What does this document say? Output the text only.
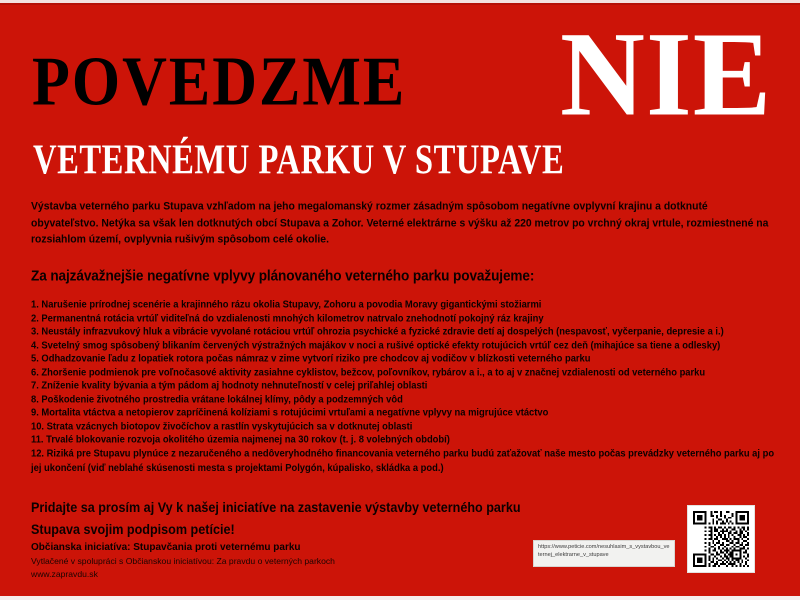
POVEDZME NIE
VETERNÉMU PARKU V STUPAVE
Výstavba veterného parku Stupava vzhľadom na jeho megalomanský rozmer zásadným spôsobom negatívne ovplyvní krajinu a dotknuté obyvateľstvo. Netýka sa však len dotknutých obcí Stupava a Zohor. Veterné elektrárne s výšku až 220 metrov po vrchný okraj vrtule, rozmiestnené na rozsiahlom území, ovplyvnia rušivým spôsobom celé okolie.
Za najzávažnejšie negatívne vplyvy plánovaného veterného parku považujeme:
1. Narušenie prírodnej scenérie a krajinného rázu okolia Stupavy, Zohoru a povodia Moravy gigantickými stožiarmi
2. Permanentná rotácia vrtúľ viditeľná do vzdialenosti mnohých kilometrov natrvalo znehodnotí pokojný ráz krajiny
3. Neustály infrazvukový hluk a vibrácie vyvolané rotáciou vrtúľ ohrozia psychické a fyzické zdravie detí aj dospelých (nespavosť, vyčerpanie, depresie a i.)
4. Svetelný smog spôsobený blikaním červených výstražných majákov v noci a rušivé optické efekty rotujúcich vrtúľ cez deň (mihajúce sa tiene a odlesky)
5. Odhadzovanie ľadu z lopatiek rotora počas námraz v zime vytvorí riziko pre chodcov aj vodičov v blízkosti veterného parku
6. Zhoršenie podmienok pre voľnočasové aktivity zasiahne cyklistov, bežcov, poľovníkov, rybárov a i., a to aj v značnej vzdialenosti od veterného parku
7. Zníženie kvality bývania a tým pádom aj hodnoty nehnuteľností v celej priľahlej oblasti
8. Poškodenie životného prostredia vrátane lokálnej klímy, pôdy a podzemných vôd
9. Mortalita vtáctva a netopierov zapríčinená kolíziami s rotujúcimi vrtuľami a negatívne vplyvy na migrujúce vtáctvo
10. Strata vzácnych biotopov živočíchov a rastlín vyskytujúcich sa v dotknutej oblasti
11. Trvalé blokovanie rozvoja okolitého územia najmenej na 30 rokov (t. j. 8 volebných období)
12. Riziká pre Stupavu plynúce z nezaručeného a nedôveryhodného financovania veterného parku budú zaťažovať naše mesto počas prevádzky veterného parku aj po jej ukončení (viď neblahé skúsenosti mesta s projektami Polygón, kúpalisko, skládka a pod.)
Pridajte sa prosím aj Vy k našej iniciatíve na zastavenie výstavby veterného parku Stupava svojim podpisom petície!
Občianska iniciatíva: Stupavčania proti veternému parku
Vytlačené v spolupráci s Občianskou iniciatívou: Za pravdu o veterných parkoch
www.zapravdu.sk
https://www.peticie.com/nesuhlasim_s_vystavbou_veternej_elektrarne_v_stupave
